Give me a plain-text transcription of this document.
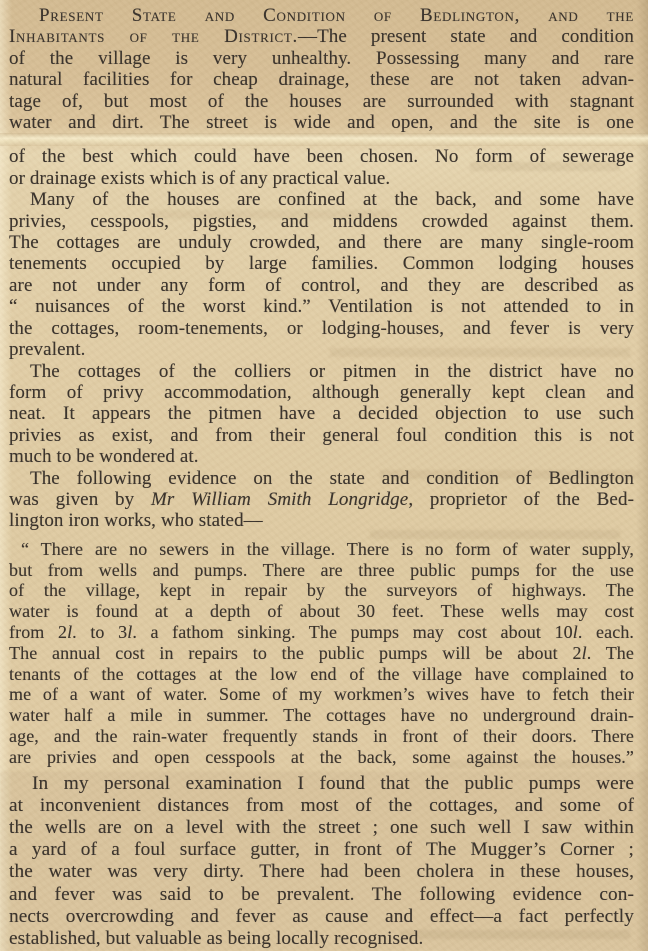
Present State and Condition of Bedlington, and the
Inhabitants of the District.—The present state and condition
of the village is very unhealthy. Possessing many and rare
natural facilities for cheap drainage, these are not taken advan-
tage of, but most of the houses are surrounded with stagnant
water and dirt. The street is wide and open, and the site is one
of the best which could have been chosen. No form of sewerage
or drainage exists which is of any practical value.
Many of the houses are confined at the back, and some have
privies, cesspools, pigsties, and middens crowded against them.
The cottages are unduly crowded, and there are many single-room
tenements occupied by large families. Common lodging houses
are not under any form of control, and they are described as
“ nuisances of the worst kind.” Ventilation is not attended to in
the cottages, room-tenements, or lodging-houses, and fever is very
prevalent.
The cottages of the colliers or pitmen in the district have no
form of privy accommodation, although generally kept clean and
neat. It appears the pitmen have a decided objection to use such
privies as exist, and from their general foul condition this is not
much to be wondered at.
The following evidence on the state and condition of Bedlington
was given by Mr William Smith Longridge, proprietor of the Bed-
lington iron works, who stated—
“ There are no sewers in the village. There is no form of water supply,
but from wells and pumps. There are three public pumps for the use
of the village, kept in repair by the surveyors of highways. The
water is found at a depth of about 30 feet. These wells may cost
from 2l. to 3l. a fathom sinking. The pumps may cost about 10l. each.
The annual cost in repairs to the public pumps will be about 2l. The
tenants of the cottages at the low end of the village have complained to
me of a want of water. Some of my workmen’s wives have to fetch their
water half a mile in summer. The cottages have no underground drain-
age, and the rain-water frequently stands in front of their doors. There
are privies and open cesspools at the back, some against the houses.”
In my personal examination I found that the public pumps were
at inconvenient distances from most of the cottages, and some of
the wells are on a level with the street ; one such well I saw within
a yard of a foul surface gutter, in front of The Mugger’s Corner ;
the water was very dirty. There had been cholera in these houses,
and fever was said to be prevalent. The following evidence con-
nects overcrowding and fever as cause and effect—a fact perfectly
established, but valuable as being locally recognised.
